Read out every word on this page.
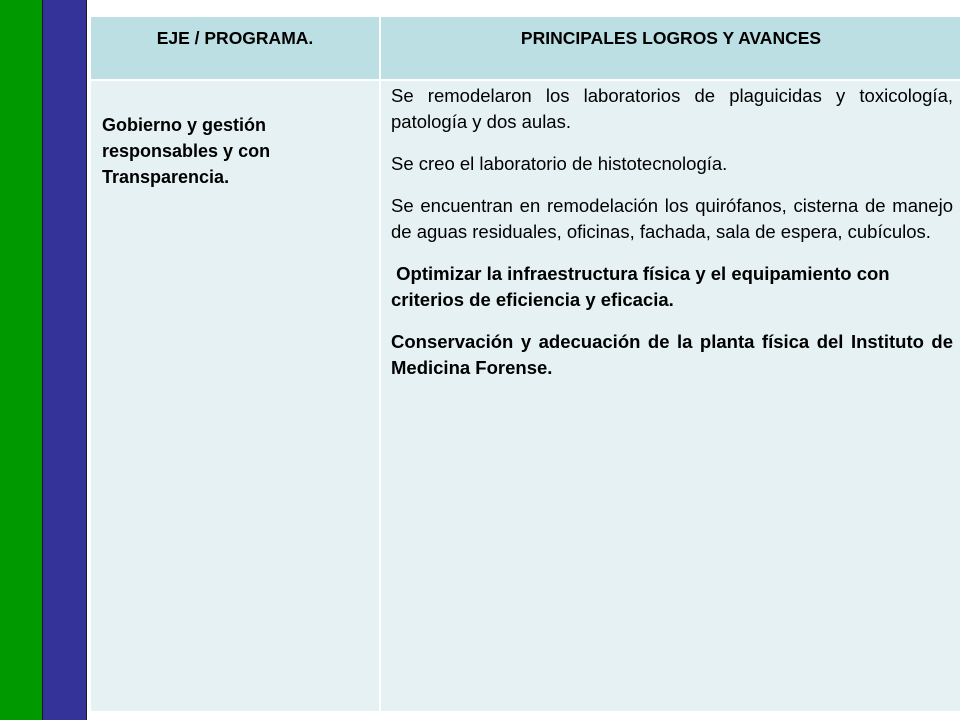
EJE / PROGRAMA.	PRINCIPALES LOGROS Y AVANCES

Gobierno y gestión responsables y con Transparencia.	Se remodelaron los laboratorios de plaguicidas y toxicología, patología y dos aulas.

Se creo el laboratorio de histotecnología.

Se encuentran en remodelación los quirófanos, cisterna de manejo de aguas residuales, oficinas, fachada, sala de espera, cubículos.

Optimizar la infraestructura física y el equipamiento con criterios de eficiencia y eficacia.

Conservación y adecuación de la planta física del Instituto de Medicina Forense.
